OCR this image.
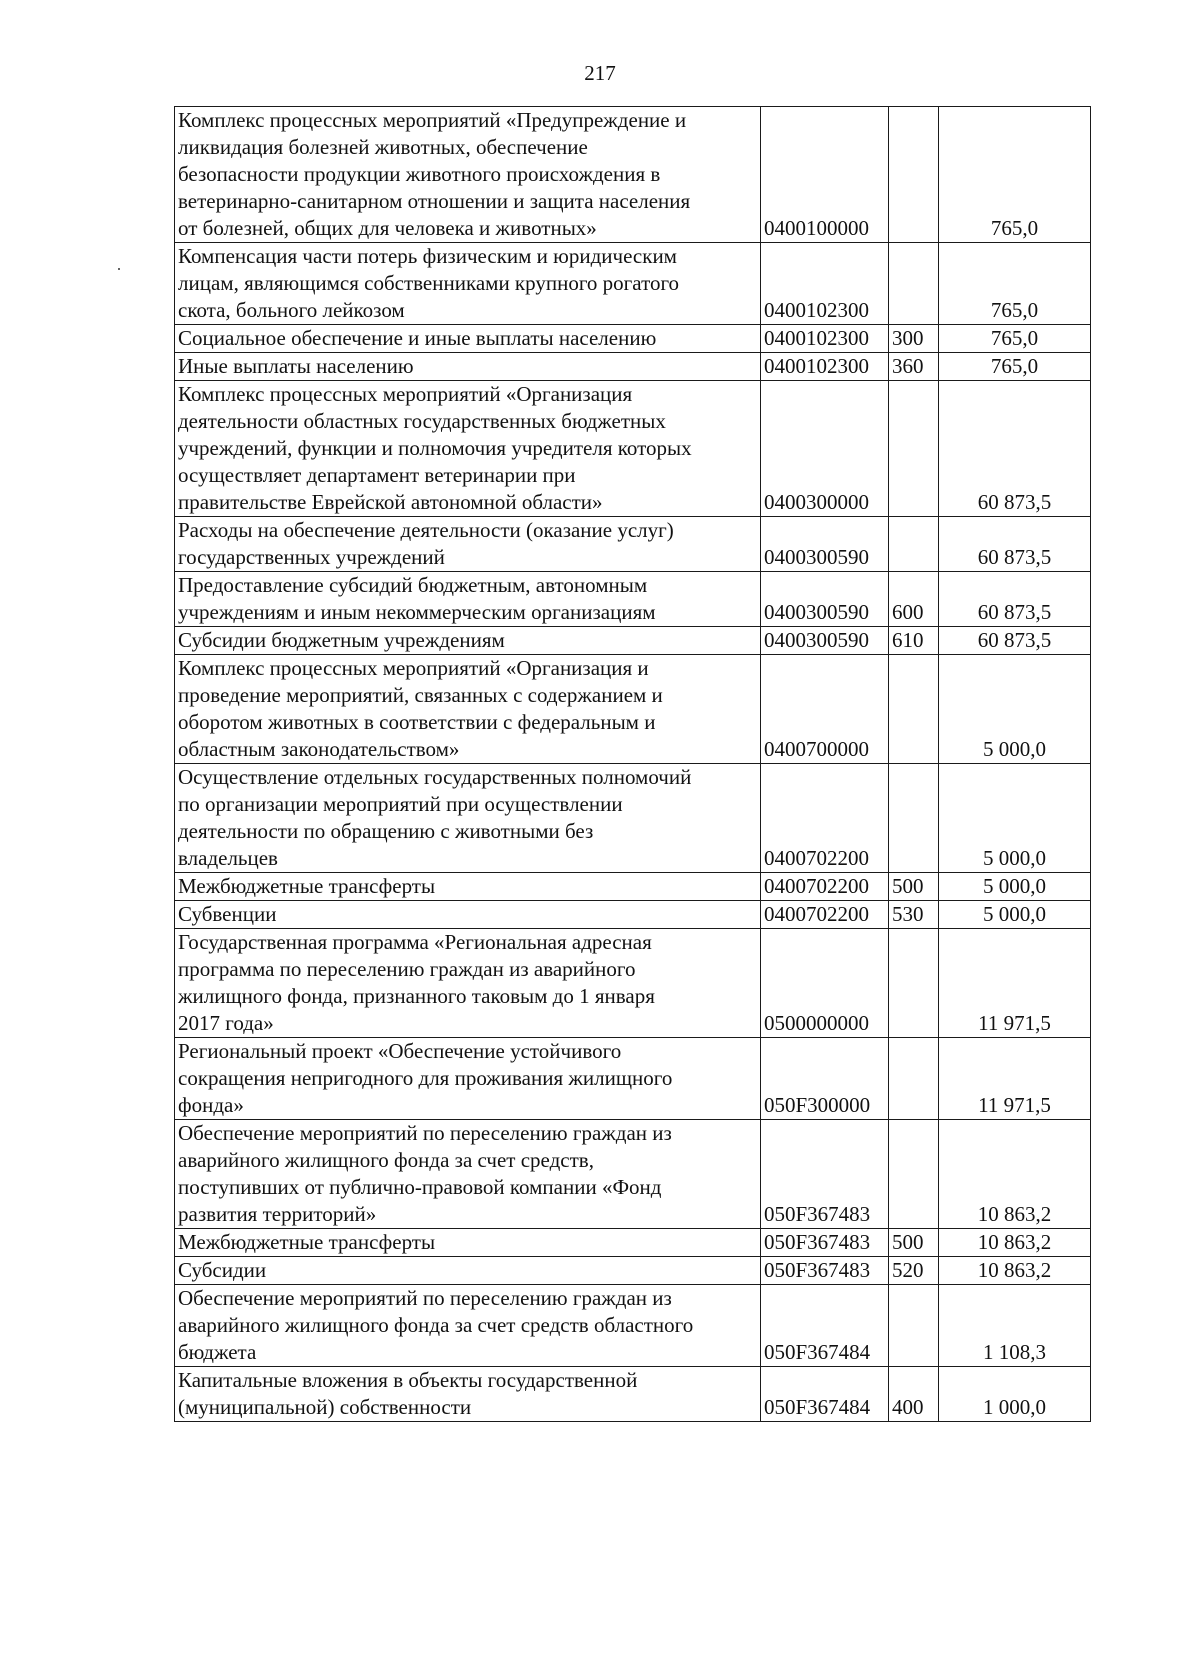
217
Комплекс процессных мероприятий «Предупреждение и
ликвидация болезней животных, обеспечение
безопасности продукции животного происхождения в
ветеринарно-санитарном отношении и защита населения
от болезней, общих для человека и животных»	0400100000		765,0
Компенсация части потерь физическим и юридическим
лицам, являющимся собственниками крупного рогатого
скота, больного лейкозом	0400102300		765,0
Социальное обеспечение и иные выплаты населению	0400102300	300	765,0
Иные выплаты населению	0400102300	360	765,0
Комплекс процессных мероприятий «Организация
деятельности областных государственных бюджетных
учреждений, функции и полномочия учредителя которых
осуществляет департамент ветеринарии при
правительстве Еврейской автономной области»	0400300000		60 873,5
Расходы на обеспечение деятельности (оказание услуг)
государственных учреждений	0400300590		60 873,5
Предоставление субсидий бюджетным, автономным
учреждениям и иным некоммерческим организациям	0400300590	600	60 873,5
Субсидии бюджетным учреждениям	0400300590	610	60 873,5
Комплекс процессных мероприятий «Организация и
проведение мероприятий, связанных с содержанием и
оборотом животных в соответствии с федеральным и
областным законодательством»	0400700000		5 000,0
Осуществление отдельных государственных полномочий
по организации мероприятий при осуществлении
деятельности по обращению с животными без
владельцев	0400702200		5 000,0
Межбюджетные трансферты	0400702200	500	5 000,0
Субвенции	0400702200	530	5 000,0
Государственная программа «Региональная адресная
программа по переселению граждан из аварийного
жилищного фонда, признанного таковым до 1 января
2017 года»	0500000000		11 971,5
Региональный проект «Обеспечение устойчивого
сокращения непригодного для проживания жилищного
фонда»	050F300000		11 971,5
Обеспечение мероприятий по переселению граждан из
аварийного жилищного фонда за счет средств,
поступивших от публично-правовой компании «Фонд
развития территорий»	050F367483		10 863,2
Межбюджетные трансферты	050F367483	500	10 863,2
Субсидии	050F367483	520	10 863,2
Обеспечение мероприятий по переселению граждан из
аварийного жилищного фонда за счет средств областного
бюджета	050F367484		1 108,3
Капитальные вложения в объекты государственной
(муниципальной) собственности	050F367484	400	1 000,0
